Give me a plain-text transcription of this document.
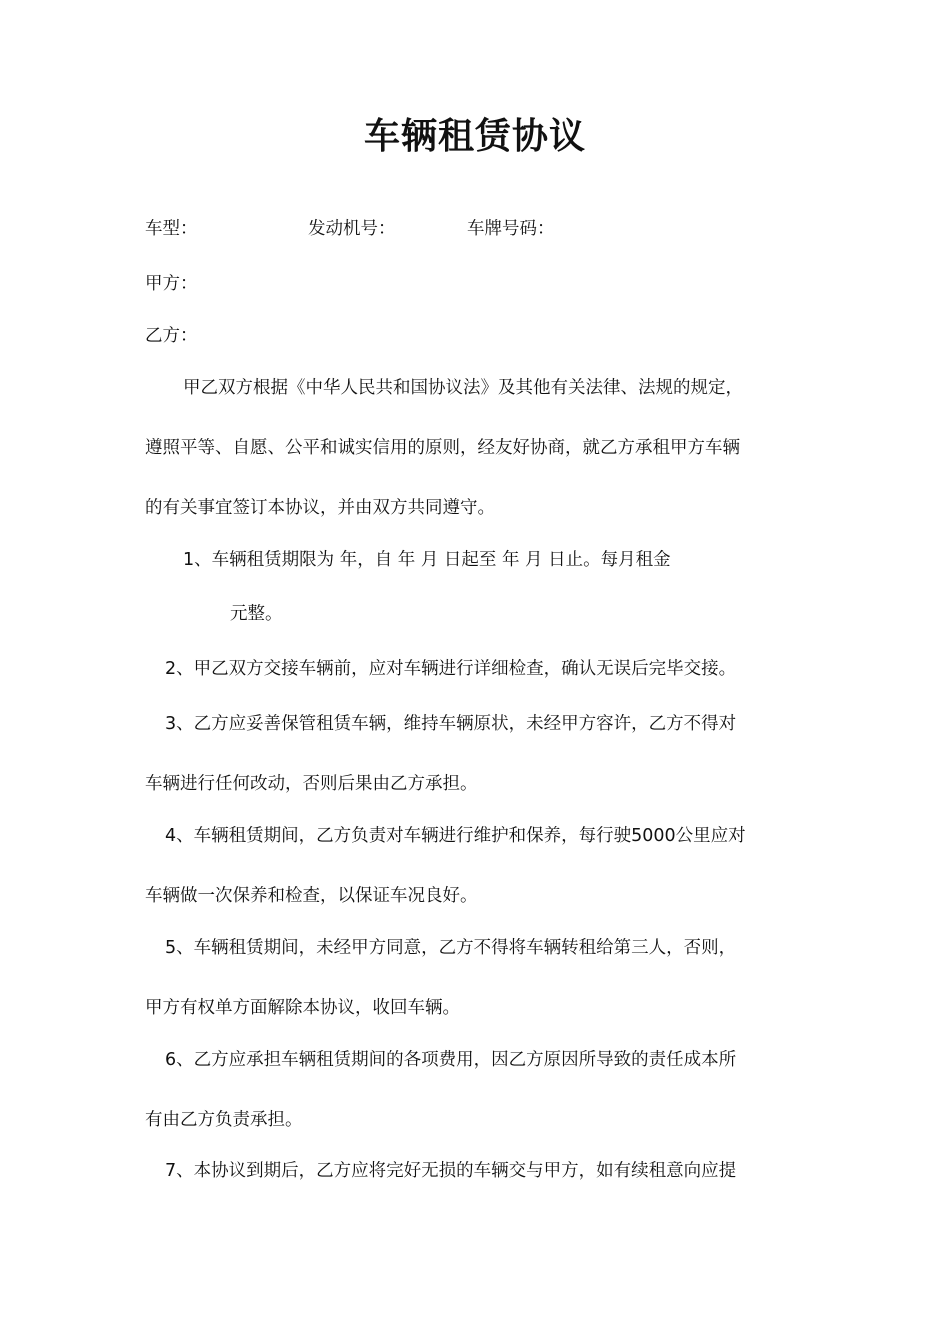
车辆租赁协议
车型：	发动机号：	车牌号码：
甲方：
乙方：
甲乙双方根据《中华人民共和国协议法》及其他有关法律、法规的规定，
遵照平等、自愿、公平和诚实信用的原则，经友好协商，就乙方承租甲方车辆
的有关事宜签订本协议，并由双方共同遵守。
1、车辆租赁期限为 年，自 年 月 日起至 年 月 日止。每月租金
元整。
2、甲乙双方交接车辆前，应对车辆进行详细检查，确认无误后完毕交接。
3、乙方应妥善保管租赁车辆，维持车辆原状，未经甲方容许，乙方不得对
车辆进行任何改动，否则后果由乙方承担。
4、车辆租赁期间，乙方负责对车辆进行维护和保养，每行驶5000公里应对
车辆做一次保养和检查，以保证车况良好。
5、车辆租赁期间，未经甲方同意，乙方不得将车辆转租给第三人，否则，
甲方有权单方面解除本协议，收回车辆。
6、乙方应承担车辆租赁期间的各项费用，因乙方原因所导致的责任成本所
有由乙方负责承担。
7、本协议到期后，乙方应将完好无损的车辆交与甲方，如有续租意向应提
